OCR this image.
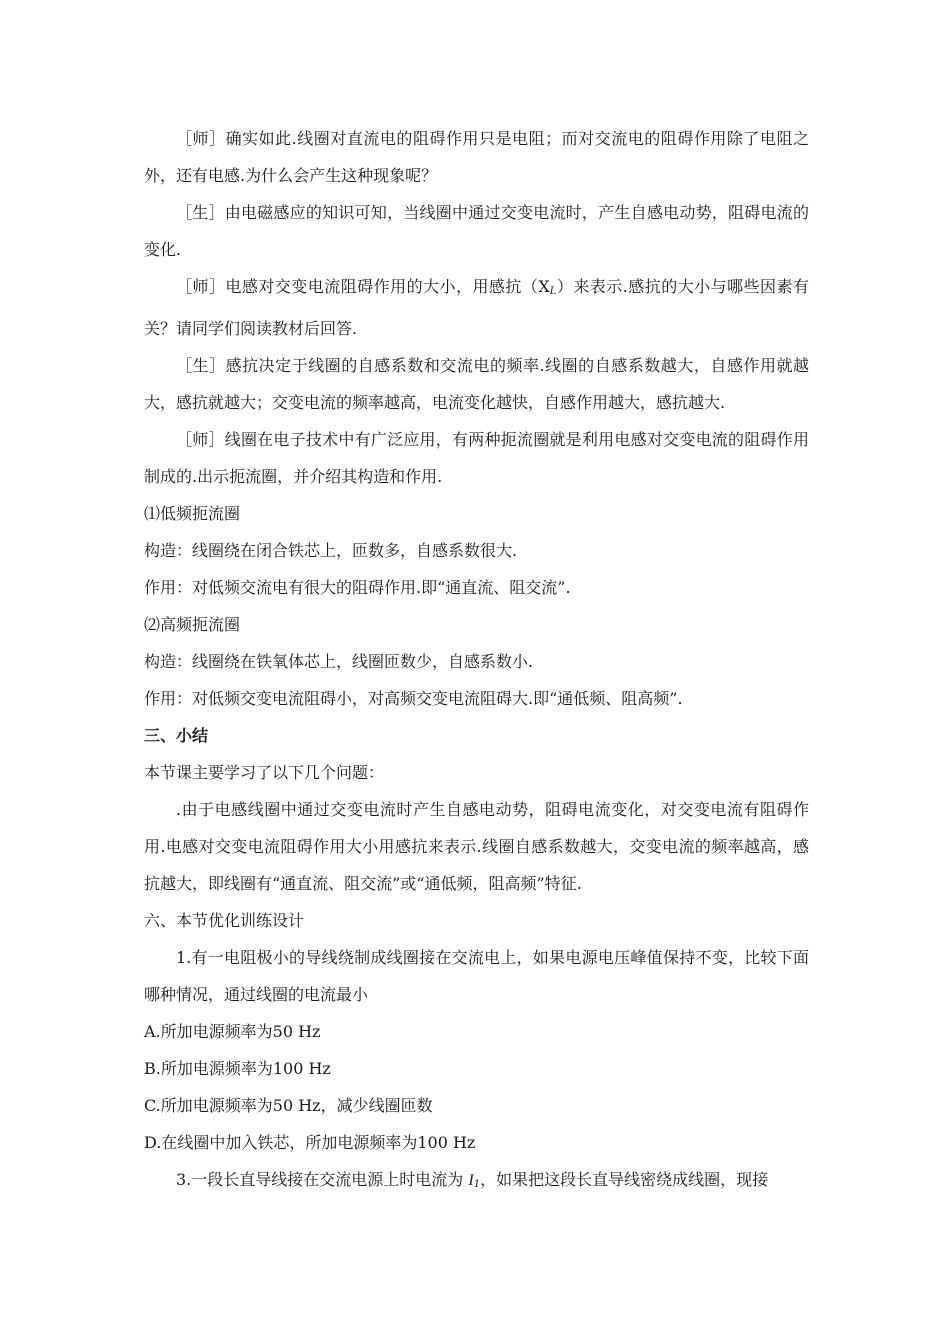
［师］确实如此.线圈对直流电的阻碍作用只是电阻；而对交流电的阻碍作用除了电阻之外，还有电感.为什么会产生这种现象呢？

［生］由电磁感应的知识可知，当线圈中通过交变电流时，产生自感电动势，阻碍电流的变化.

［师］电感对交变电流阻碍作用的大小，用感抗$(X_L)$来表示.感抗的大小与哪些因素有关？请同学们阅读教材后回答.

［生］感抗决定于线圈的自感系数和交流电的频率.线圈的自感系数越大，自感作用就越大，感抗就越大；交变电流的频率越高，电流变化越快，自感作用越大，感抗越大.

［师］线圈在电子技术中有广泛应用，有两种扼流圈就是利用电感对交变电流的阻碍作用制成的.出示扼流圈，并介绍其构造和作用.

⑴低频扼流圈

构造：线圈绕在闭合铁芯上，匝数多，自感系数很大.

作用：对低频交流电有很大的阻碍作用.即“通直流、阻交流”.

⑵高频扼流圈

构造：线圈绕在铁氧体芯上，线圈匝数少，自感系数小.

作用：对低频交变电流阻碍小，对高频交变电流阻碍大.即“通低频、阻高频”.

三、小结

本节课主要学习了以下几个问题：

.由于电感线圈中通过交变电流时产生自感电动势，阻碍电流变化，对交变电流有阻碍作用.电感对交变电流阻碍作用大小用感抗来表示.线圈自感系数越大，交变电流的频率越高，感抗越大，即线圈有“通直流、阻交流”或“通低频，阻高频”特征.

六、本节优化训练设计

1.有一电阻极小的导线绕制成线圈接在交流电上，如果电源电压峰值保持不变，比较下面哪种情况，通过线圈的电流最小

A.所加电源频率为50 Hz

B.所加电源频率为100 Hz

C.所加电源频率为50 Hz，减少线圈匝数

D.在线圈中加入铁芯，所加电源频率为100 Hz

3.一段长直导线接在交流电源上时电流为 $I_1$，如果把这段长直导线密绕成线圈，现接
